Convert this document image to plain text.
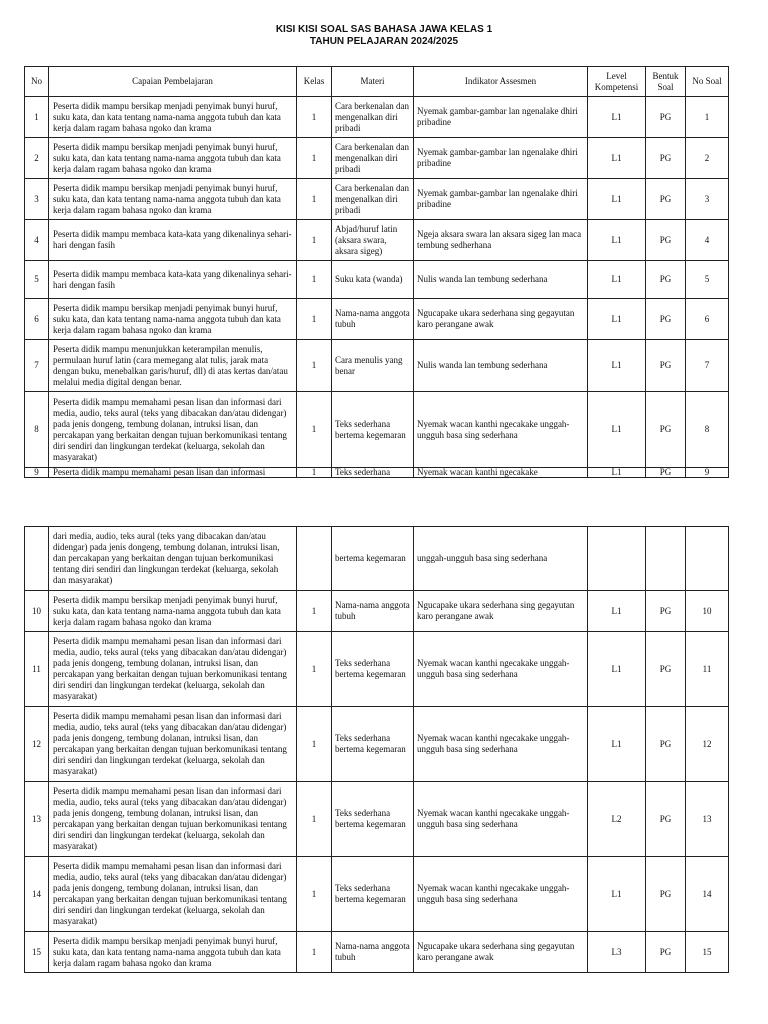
KISI KISI SOAL SAS BAHASA JAWA KELAS 1
TAHUN PELAJARAN 2024/2025
No	Capaian Pembelajaran	Kelas	Materi	Indikator Assesmen	Level Kompetensi	Bentuk Soal	No Soal
1	Peserta didik mampu bersikap menjadi penyimak bunyi huruf, suku kata, dan kata tentang nama-nama anggota tubuh dan kata kerja dalam ragam bahasa ngoko dan krama	1	Cara berkenalan dan mengenalkan diri pribadi	Nyemak gambar-gambar lan ngenalake dhiri pribadine	L1	PG	1
2	Peserta didik mampu bersikap menjadi penyimak bunyi huruf, suku kata, dan kata tentang nama-nama anggota tubuh dan kata kerja dalam ragam bahasa ngoko dan krama	1	Cara berkenalan dan mengenalkan diri pribadi	Nyemak gambar-gambar lan ngenalake dhiri pribadine	L1	PG	2
3	Peserta didik mampu bersikap menjadi penyimak bunyi huruf, suku kata, dan kata tentang nama-nama anggota tubuh dan kata kerja dalam ragam bahasa ngoko dan krama	1	Cara berkenalan dan mengenalkan diri pribadi	Nyemak gambar-gambar lan ngenalake dhiri pribadine	L1	PG	3
4	Peserta didik mampu membaca kata-kata yang dikenalinya sehari-hari dengan fasih	1	Abjad/huruf latin (aksara swara, aksara sigeg)	Ngeja aksara swara lan aksara sigeg lan maca tembung sedherhana	L1	PG	4
5	Peserta didik mampu membaca kata-kata yang dikenalinya sehari-hari dengan fasih	1	Suku kata (wanda)	Nulis wanda lan tembung sederhana	L1	PG	5
6	Peserta didik mampu bersikap menjadi penyimak bunyi huruf, suku kata, dan kata tentang nama-nama anggota tubuh dan kata kerja dalam ragam bahasa ngoko dan krama	1	Nama-nama anggota tubuh	Ngucapake ukara sederhana sing gegayutan karo perangane awak	L1	PG	6
7	Peserta didik mampu menunjukkan keterampilan menulis, permulaan huruf latin (cara memegang alat tulis, jarak mata dengan buku, menebalkan garis/huruf, dll) di atas kertas dan/atau melalui media digital dengan benar.	1	Cara menulis yang benar	Nulis wanda lan tembung sederhana	L1	PG	7
8	Peserta didik mampu memahami pesan lisan dan informasi dari media, audio, teks aural (teks yang dibacakan dan/atau didengar) pada jenis dongeng, tembung dolanan, intruksi lisan, dan percakapan yang berkaitan dengan tujuan berkomunikasi tentang diri sendiri dan lingkungan terdekat (keluarga, sekolah dan masyarakat)	1	Teks sederhana bertema kegemaran	Nyemak wacan kanthi ngecakake unggah-ungguh basa sing sederhana	L1	PG	8
9	Peserta didik mampu memahami pesan lisan dan informasi	1	Teks sederhana	Nyemak wacan kanthi ngecakake	L1	PG	9
	dari media, audio, teks aural (teks yang dibacakan dan/atau didengar) pada jenis dongeng, tembung dolanan, intruksi lisan, dan percakapan yang berkaitan dengan tujuan berkomunikasi tentang diri sendiri dan lingkungan terdekat (keluarga, sekolah dan masyarakat)		bertema kegemaran	unggah-ungguh basa sing sederhana			
10	Peserta didik mampu bersikap menjadi penyimak bunyi huruf, suku kata, dan kata tentang nama-nama anggota tubuh dan kata kerja dalam ragam bahasa ngoko dan krama	1	Nama-nama anggota tubuh	Ngucapake ukara sederhana sing gegayutan karo perangane awak	L1	PG	10
11	Peserta didik mampu memahami pesan lisan dan informasi dari media, audio, teks aural (teks yang dibacakan dan/atau didengar) pada jenis dongeng, tembung dolanan, intruksi lisan, dan percakapan yang berkaitan dengan tujuan berkomunikasi tentang diri sendiri dan lingkungan terdekat (keluarga, sekolah dan masyarakat)	1	Teks sederhana bertema kegemaran	Nyemak wacan kanthi ngecakake unggah-ungguh basa sing sederhana	L1	PG	11
12	Peserta didik mampu memahami pesan lisan dan informasi dari media, audio, teks aural (teks yang dibacakan dan/atau didengar) pada jenis dongeng, tembung dolanan, intruksi lisan, dan percakapan yang berkaitan dengan tujuan berkomunikasi tentang diri sendiri dan lingkungan terdekat (keluarga, sekolah dan masyarakat)	1	Teks sederhana bertema kegemaran	Nyemak wacan kanthi ngecakake unggah-ungguh basa sing sederhana	L1	PG	12
13	Peserta didik mampu memahami pesan lisan dan informasi dari media, audio, teks aural (teks yang dibacakan dan/atau didengar) pada jenis dongeng, tembung dolanan, intruksi lisan, dan percakapan yang berkaitan dengan tujuan berkomunikasi tentang diri sendiri dan lingkungan terdekat (keluarga, sekolah dan masyarakat)	1	Teks sederhana bertema kegemaran	Nyemak wacan kanthi ngecakake unggah-ungguh basa sing sederhana	L2	PG	13
14	Peserta didik mampu memahami pesan lisan dan informasi dari media, audio, teks aural (teks yang dibacakan dan/atau didengar) pada jenis dongeng, tembung dolanan, intruksi lisan, dan percakapan yang berkaitan dengan tujuan berkomunikasi tentang diri sendiri dan lingkungan terdekat (keluarga, sekolah dan masyarakat)	1	Teks sederhana bertema kegemaran	Nyemak wacan kanthi ngecakake unggah-ungguh basa sing sederhana	L1	PG	14
15	Peserta didik mampu bersikap menjadi penyimak bunyi huruf, suku kata, dan kata tentang nama-nama anggota tubuh dan kata kerja dalam ragam bahasa ngoko dan krama	1	Nama-nama anggota tubuh	Ngucapake ukara sederhana sing gegayutan karo perangane awak	L3	PG	15
